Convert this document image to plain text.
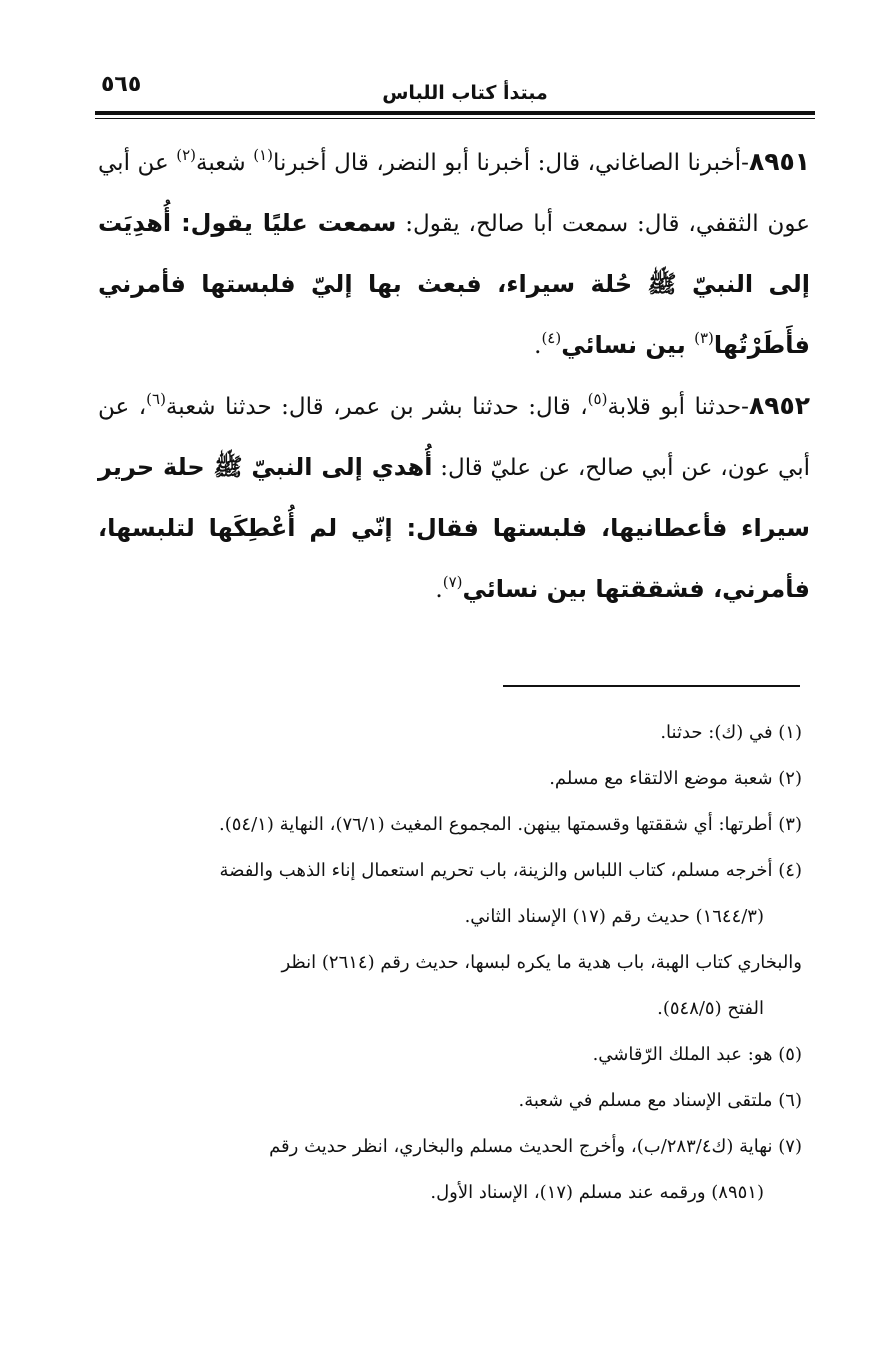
٥٦٥	مبتدأ كتاب اللباس

٨٩٥١-أخبرنا الصاغاني، قال: أخبرنا أبو النضر، قال أخبرنا$^{(١)}$ شعبة$^{(٢)}$ عن أبي عون الثقفي، قال: سمعت أبا صالح، يقول: سمعت عليًا يقول: أُهدِيَت إلى النبيّ ﷺ حُلة سيراء، فبعث بها إليّ فلبستها فأمرني فأَطَرْتُها$^{(٣)}$ بين نسائي$^{(٤)}$.

٨٩٥٢-حدثنا أبو قلابة$^{(٥)}$، قال: حدثنا بشر بن عمر، قال: حدثنا شعبة$^{(٦)}$، عن أبي عون، عن أبي صالح، عن عليّ قال: أُهدي إلى النبيّ ﷺ حلة حرير سيراء فأعطانيها، فلبستها فقال: إنّي لم أُعْطِكَها لتلبسها، فأمرني، فشققتها بين نسائي$^{(٧)}$.

(١) في (ك): حدثنا.

(٢) شعبة موضع الالتقاء مع مسلم.

(٣) أطرتها: أي شققتها وقسمتها بينهن. المجموع المغيث (٧٦/١)، النهاية (٥٤/١).

(٤) أخرجه مسلم، كتاب اللباس والزينة، باب تحريم استعمال إناء الذهب والفضة

(١٦٤٤/٣) حديث رقم (١٧) الإسناد الثاني.

والبخاري كتاب الهبة، باب هدية ما يكره لبسها، حديث رقم (٢٦١٤) انظر

الفتح (٥٤٨/٥).

(٥) هو: عبد الملك الرّقاشي.

(٦) ملتقى الإسناد مع مسلم في شعبة.

(٧) نهاية (ك٢٨٣/٤/ب)، وأخرج الحديث مسلم والبخاري، انظر حديث رقم

(٨٩٥١) ورقمه عند مسلم (١٧)، الإسناد الأول.
